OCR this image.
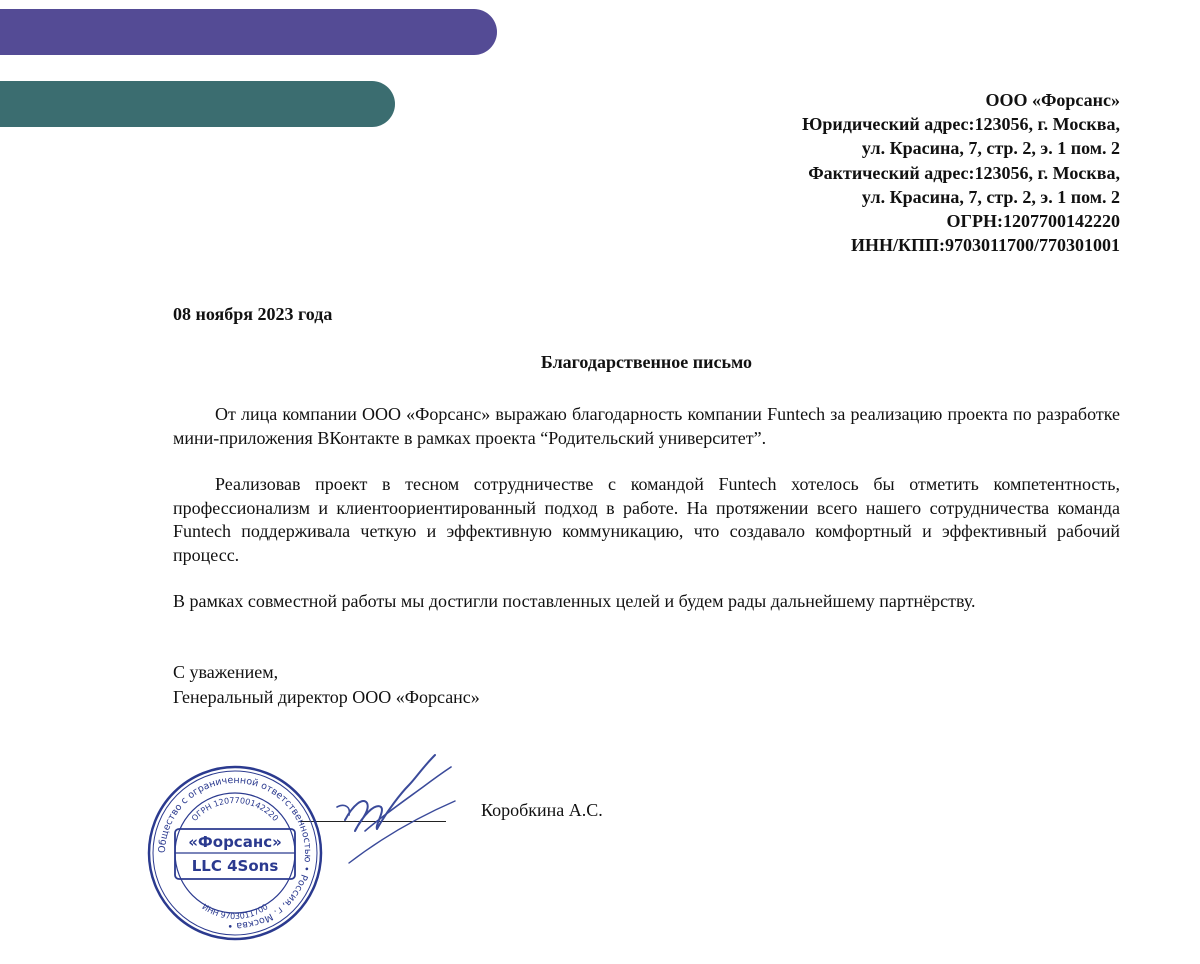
ООО «Форсанс»
Юридический адрес:123056, г. Москва,
ул. Красина, 7, стр. 2, э. 1 пом. 2
Фактический адрес:123056, г. Москва,
ул. Красина, 7, стр. 2, э. 1 пом. 2
ОГРН:1207700142220
ИНН/КПП:9703011700/770301001
08 ноября 2023 года
Благодарственное письмо

От лица компании ООО «Форсанс» выражаю благодарность компании Funtech за реализацию проекта по разработке мини-приложения ВКонтакте в рамках проекта “Родительский университет”.

Реализовав проект в тесном сотрудничестве с командой Funtech хотелось бы отметить компетентность, профессионализм и клиентоориентированный подход в работе. На протяжении всего нашего сотрудничества команда Funtech поддерживала четкую и эффективную коммуникацию, что создавало комфортный и эффективный рабочий процесс.

В рамках совместной работы мы достигли поставленных целей и будем рады дальнейшему партнёрству.

С уважением,
Генеральный директор ООО «Форсанс»
Коробкина А.С.
Общество с ограниченной ответственностью • Россия, г. Москва •
ОГРН 1207700142220
ИНН 9703011700
«Форсанс»
LLC 4Sons
